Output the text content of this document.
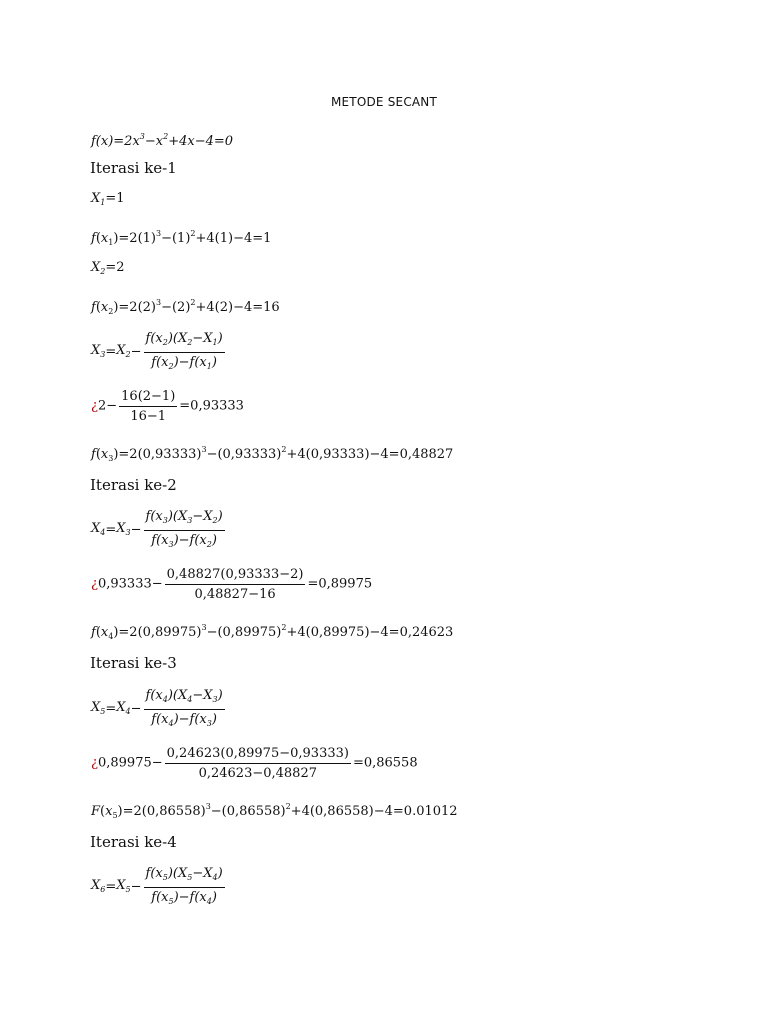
METODE SECANT
$f(x)=2x^3-x^2+4x-4=0$
Iterasi ke-1
$X_1=1$
$f(x_1)=2(1)^3-(1)^2+4(1)-4=1$
$X_2=2$
$f(x_2)=2(2)^3-(2)^2+4(2)-4=16$
$X_3=X_2- \frac{f(x_2)(X_2-X_1)}{f(x_2)-f(x_1)}$
¿$2- \frac{16(2-1)}{16-1} =0,93333$
$f(x_3)=2(0,93333)^3-(0,93333)^2+4(0,93333)-4=0,48827$
Iterasi ke-2
$X_4=X_3- \frac{f(x_3)(X_3-X_2)}{f(x_3)-f(x_2)}$
¿$0,93333- \frac{0,48827(0,93333-2)}{0,48827-16} =0,89975$
$f(x_4)=2(0,89975)^3-(0,89975)^2+4(0,89975)-4=0,24623$
Iterasi ke-3
$X_5=X_4- \frac{f(x_4)(X_4-X_3)}{f(x_4)-f(x_3)}$
¿$0,89975- \frac{0,24623(0,89975-0,93333)}{0,24623-0,48827} =0,86558$
$F(x_5)=2(0,86558)^3-(0,86558)^2+4(0,86558)-4=0.01012$
Iterasi ke-4
$X_6=X_5- \frac{f(x_5)(X_5-X_4)}{f(x_5)-f(x_4)}$
